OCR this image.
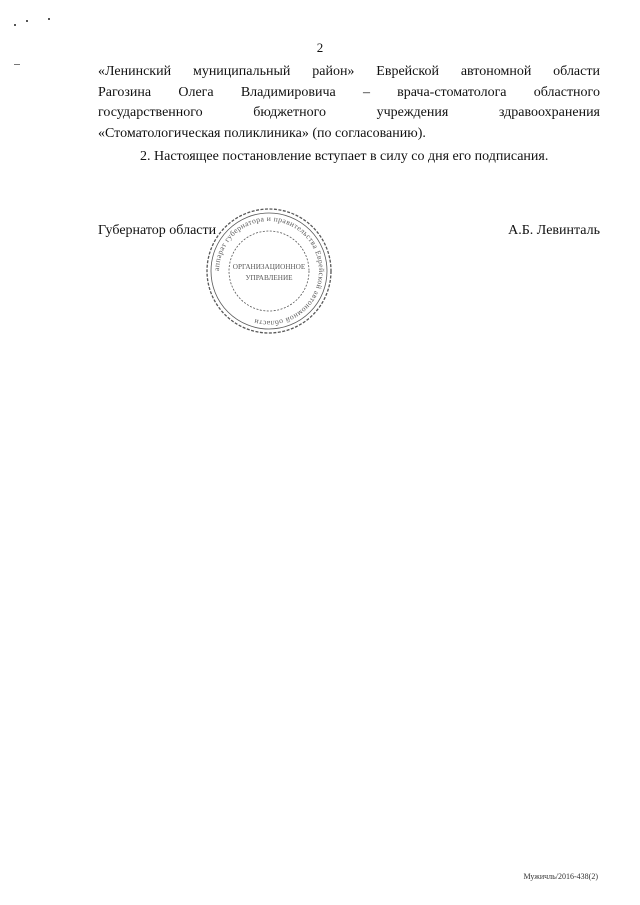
2
«Ленинский муниципальный район» Еврейской автономной области
Рагозина Олега Владимировича – врача-стоматолога областного
государственного	бюджетного	учреждения	здравоохранения
«Стоматологическая поликлиника» (по согласованию).
2. Настоящее постановление вступает в силу со дня его подписания.
Губернатор области	А.Б. Левинталь
аппарат губернатора и правительства Еврейской автономной области
ОРГАНИЗАЦИОННОЕ
УПРАВЛЕНИЕ
Мужичль/2016-438(2)
